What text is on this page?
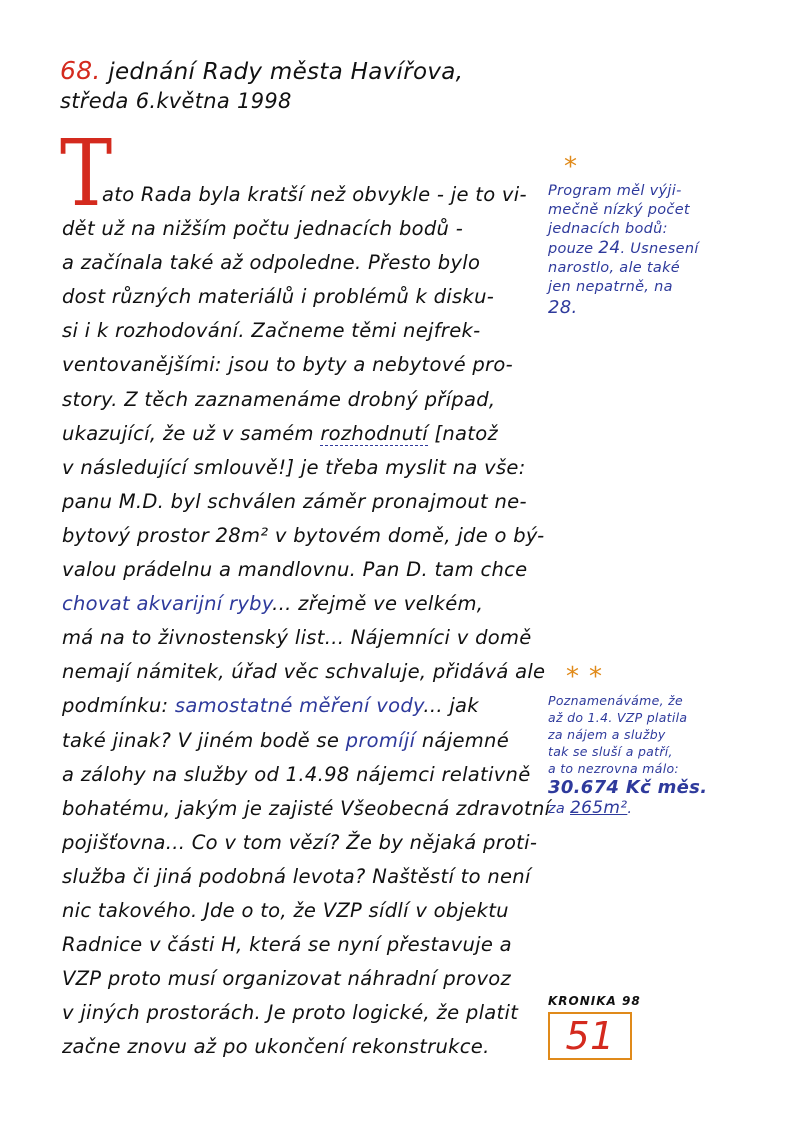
68. jednání Rady města Havířova,
středa 6.května 1998
T
ato Rada byla kratší než obvykle - je to vi-
dět už na nižším počtu jednacích bodů -
a začínala také až odpoledne. Přesto bylo
dost různých materiálů i problémů k disku-
si i k rozhodování. Začneme těmi nejfrek-
ventovanějšími: jsou to byty a nebytové pro-
story. Z těch zaznamenáme drobný případ,
ukazující, že už v samém rozhodnutí [natož
v následující smlouvě!] je třeba myslit na vše:
panu M.D. byl schválen záměr pronajmout ne-
bytový prostor 28m² v bytovém domě, jde o bý-
valou prádelnu a mandlovnu. Pan D. tam chce
chovat akvarijní ryby... zřejmě ve velkém,
má na to živnostenský list... Nájemníci v domě
nemají námitek, úřad věc schvaluje, přidává ale
podmínku: samostatné měření vody... jak
také jinak? V jiném bodě se promíjí nájemné
a zálohy na služby od 1.4.98 nájemci relativně
bohatému, jakým je zajisté Všeobecná zdravotní
pojišťovna... Co v tom vězí? Že by nějaká proti-
služba či jiná podobná levota? Naštěstí to není
nic takového. Jde o to, že VZP sídlí v objektu
Radnice v části H, která se nyní přestavuje a
VZP proto musí organizovat náhradní provoz
v jiných prostorách. Je proto logické, že platit
začne znovu až po ukončení rekonstrukce.
*
Program měl výji-
mečně nízký počet
jednacích bodů:
pouze 24. Usnesení
narostlo, ale také
jen nepatrně, na
28.
**
Poznamenáváme, že
až do 1.4. VZP platila
za nájem a služby
tak se sluší a patří,
a to nezrovna málo:
30.674 Kč měs.
za 265m².
KRONIKA 98
51
